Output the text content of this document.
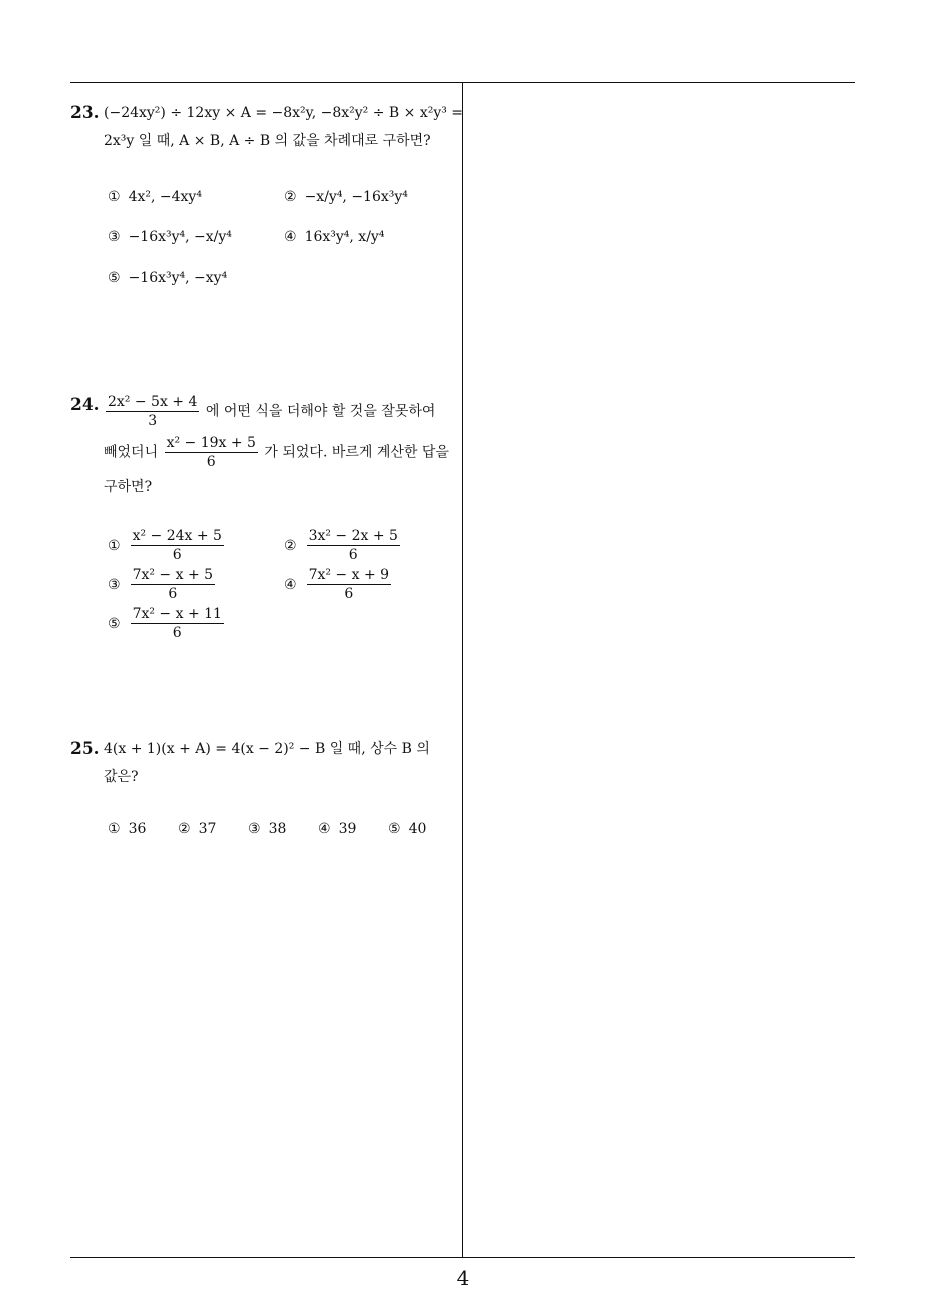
4
23. (−24xy²) ÷ 12xy × A = −8x²y, −8x²y² ÷ B × x²y³ =
2x³y 일 때, A × B, A ÷ B 의 값을 차례대로 구하면?
① 4x², −4xy⁴	② −x/y⁴, −16x³y⁴
③ −16x³y⁴, −x/y⁴	④ 16x³y⁴, x/y⁴
⑤ −16x³y⁴, −xy⁴
24. $\frac{\text{2x² − 5x + 4}}{3}$ 에 어떤 식을 더해야 할 것을 잘못하여
빼었더니 $\frac{\text{x² − 19x + 5}}{6}$ 가 되었다. 바르게 계산한 답을
구하면?
① $\frac{\text{x² − 24x + 5}}{6}$	② $\frac{\text{3x² − 2x + 5}}{6}$
③ $\frac{\text{7x² − x + 5}}{6}$	④ $\frac{\text{7x² − x + 9}}{6}$
⑤ $\frac{\text{7x² − x + 11}}{6}$
25. 4(x + 1)(x + A) = 4(x − 2)² − B 일 때, 상수 B 의
값은?
① 36 ② 37 ③ 38 ④ 39 ⑤ 40
